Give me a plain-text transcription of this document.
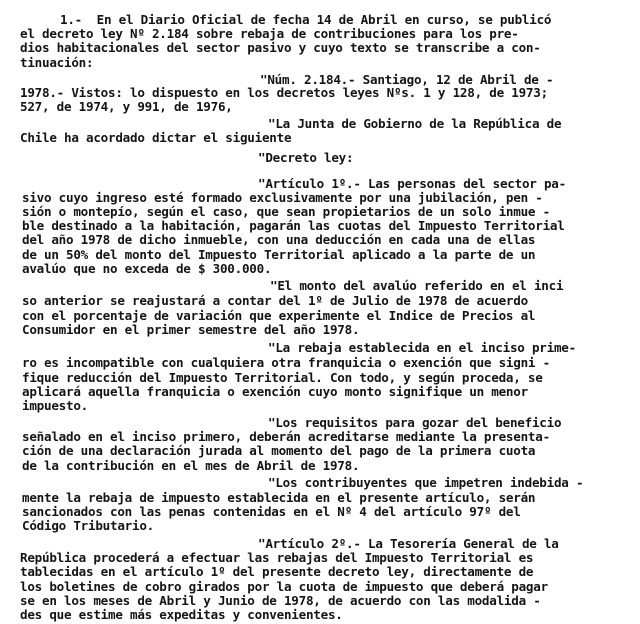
1.-  En el Diario Oficial de fecha 14 de Abril en curso, se publicó
el decreto ley Nº 2.184 sobre rebaja de contribuciones para los pre-
dios habitacionales del sector pasivo y cuyo texto se transcribe a con-
tinuación:
"Núm. 2.184.- Santiago, 12 de Abril de -
1978.- Vistos: lo dispuesto en los decretos leyes Nºs. 1 y 128, de 1973;
527, de 1974, y 991, de 1976,
"La Junta de Gobierno de la República de
Chile ha acordado dictar el siguiente
"Decreto ley:
"Artículo 1º.- Las personas del sector pa-
sivo cuyo ingreso esté formado exclusivamente por una jubilación, pen -
sión o montepío, según el caso, que sean propietarios de un solo inmue -
ble destinado a la habitación, pagarán las cuotas del Impuesto Territorial
del año 1978 de dicho inmueble, con una deducción en cada una de ellas
de un 50% del monto del Impuesto Territorial aplicado a la parte de un
avalúo que no exceda de $ 300.000.
"El monto del avalúo referido en el inci
so anterior se reajustará a contar del 1º de Julio de 1978 de acuerdo
con el porcentaje de variación que experimente el Indice de Precios al
Consumidor en el primer semestre del año 1978.
"La rebaja establecida en el inciso prime-
ro es incompatible con cualquiera otra franquicia o exención que signi -
fique reducción del Impuesto Territorial. Con todo, y según proceda, se
aplicará aquella franquicia o exención cuyo monto signifique un menor
impuesto.
"Los requisitos para gozar del beneficio
señalado en el inciso primero, deberán acreditarse mediante la presenta-
ción de una declaración jurada al momento del pago de la primera cuota
de la contribución en el mes de Abril de 1978.
"Los contribuyentes que impetren indebida -
mente la rebaja de impuesto establecida en el presente artículo, serán
sancionados con las penas contenidas en el Nº 4 del artículo 97º del
Código Tributario.
"Artículo 2º.- La Tesorería General de la
República procederá a efectuar las rebajas del Impuesto Territorial es
tablecidas en el artículo 1º del presente decreto ley, directamente de
los boletines de cobro girados por la cuota de impuesto que deberá pagar
se en los meses de Abril y Junio de 1978, de acuerdo con las modalida -
des que estime más expeditas y convenientes.
